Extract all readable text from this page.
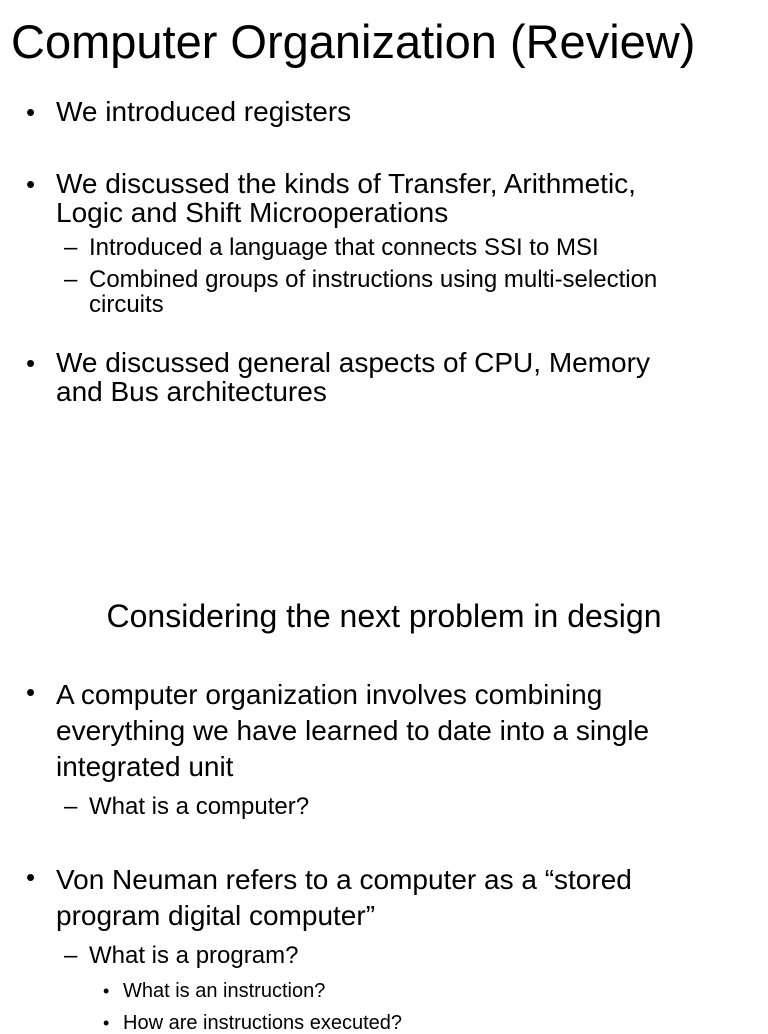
Computer Organization (Review)
• We introduced registers
• We discussed the kinds of Transfer, Arithmetic,
Logic and Shift Microoperations
– Introduced a language that connects SSI to MSI
– Combined groups of instructions using multi-selection
circuits
• We discussed general aspects of CPU, Memory
and Bus architectures
Considering the next problem in design
• A computer organization involves combining
everything we have learned to date into a single
integrated unit
– What is a computer?
• Von Neuman refers to a computer as a “stored
program digital computer”
– What is a program?
• What is an instruction?
• How are instructions executed?
